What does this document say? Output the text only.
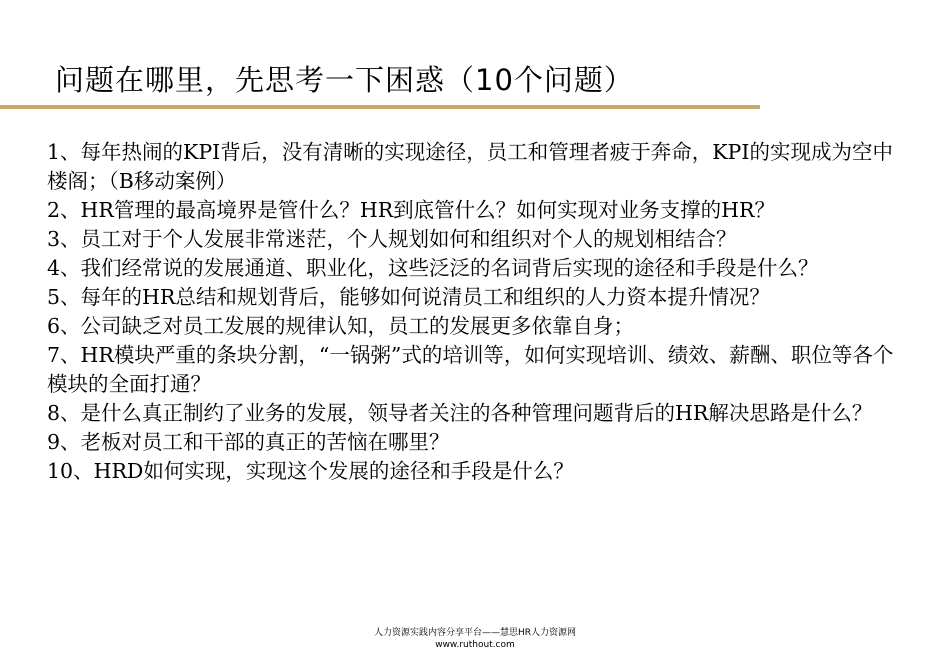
问题在哪里，先思考一下困惑（10个问题）
1、每年热闹的KPI背后，没有清晰的实现途径，员工和管理者疲于奔命，KPI的实现成为空中楼阁；（B移动案例）
2、HR管理的最高境界是管什么？HR到底管什么？如何实现对业务支撑的HR？
3、员工对于个人发展非常迷茫，个人规划如何和组织对个人的规划相结合？
4、我们经常说的发展通道、职业化，这些泛泛的名词背后实现的途径和手段是什么？
5、每年的HR总结和规划背后，能够如何说清员工和组织的人力资本提升情况？
6、公司缺乏对员工发展的规律认知，员工的发展更多依靠自身；
7、HR模块严重的条块分割，“一锅粥”式的培训等，如何实现培训、绩效、薪酬、职位等各个模块的全面打通？
8、是什么真正制约了业务的发展，领导者关注的各种管理问题背后的HR解决思路是什么？
9、老板对员工和干部的真正的苦恼在哪里？
10、HRD如何实现，实现这个发展的途径和手段是什么？
人力资源实践内容分享平台——慧思HR人力资源网
www.ruthout.com
